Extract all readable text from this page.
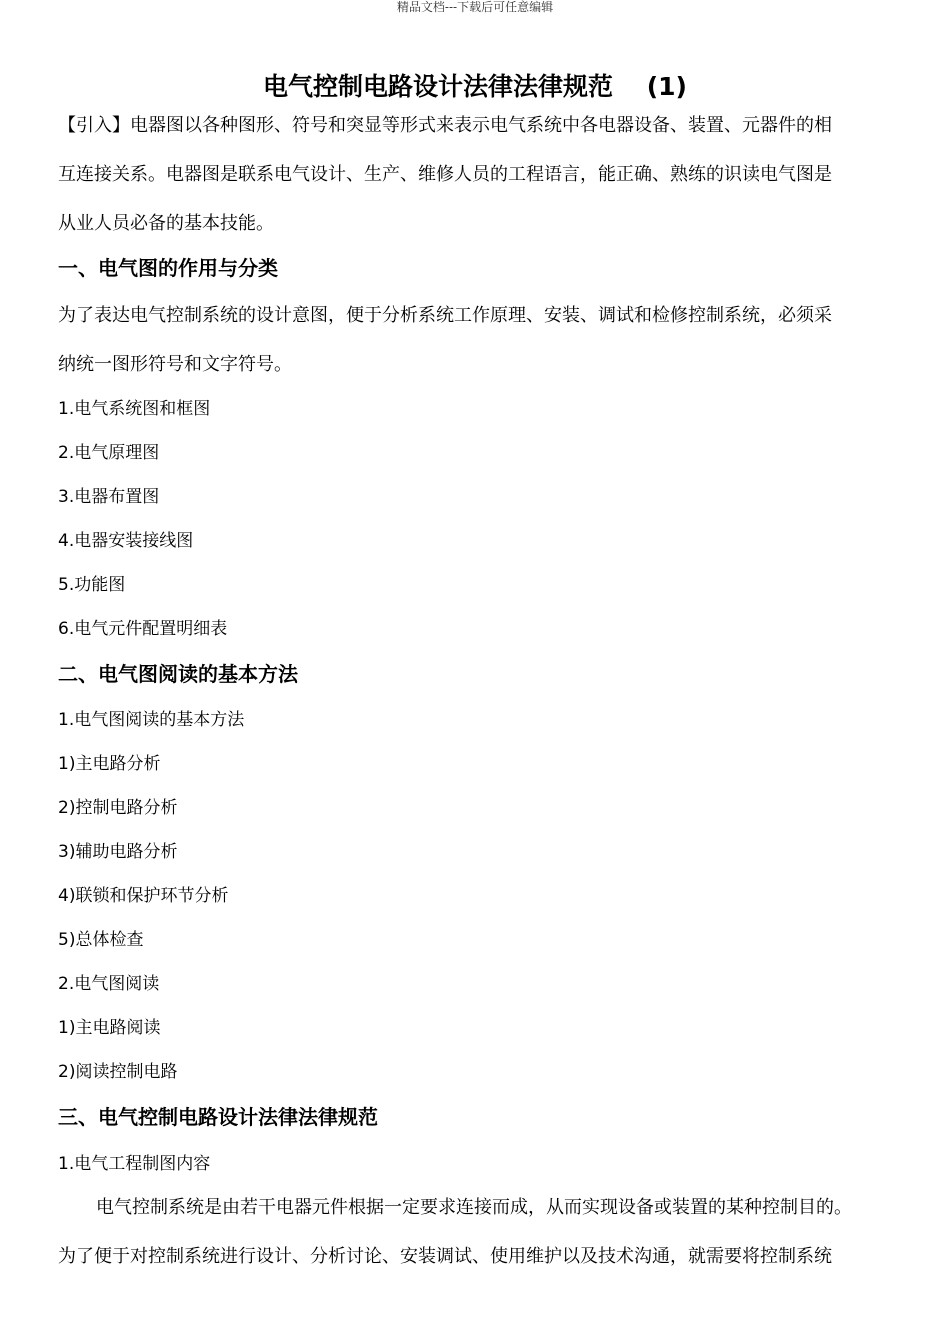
精品文档---下载后可任意编辑
电气控制电路设计法律法律规范　 (1)
【引入】电器图以各种图形、符号和突显等形式来表示电气系统中各电器设备、装置、元器件的相
互连接关系。电器图是联系电气设计、生产、维修人员的工程语言，能正确、熟练的识读电气图是
从业人员必备的基本技能。
一、电气图的作用与分类
为了表达电气控制系统的设计意图，便于分析系统工作原理、安装、调试和检修控制系统，必须采
纳统一图形符号和文字符号。
1.电气系统图和框图
2.电气原理图
3.电器布置图
4.电器安装接线图
5.功能图
6.电气元件配置明细表
二、电气图阅读的基本方法
1.电气图阅读的基本方法
1)主电路分析
2)控制电路分析
3)辅助电路分析
4)联锁和保护环节分析
5)总体检查
2.电气图阅读
1)主电路阅读
2)阅读控制电路
三、电气控制电路设计法律法律规范
1.电气工程制图内容
电气控制系统是由若干电器元件根据一定要求连接而成，从而实现设备或装置的某种控制目的。
为了便于对控制系统进行设计、分析讨论、安装调试、使用维护以及技术沟通，就需要将控制系统
